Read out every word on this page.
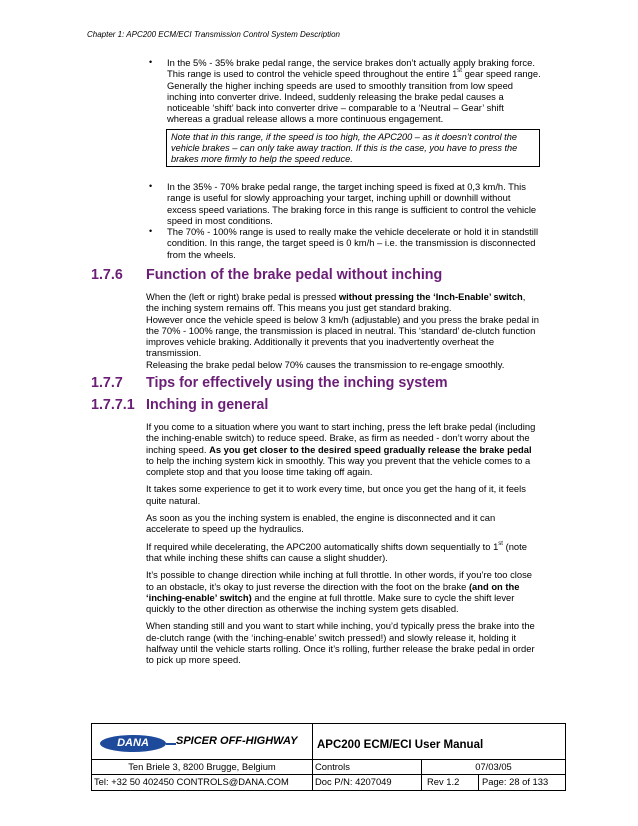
Chapter 1: APC200 ECM/ECI Transmission Control System Description
• In the 5% - 35% brake pedal range, the service brakes don’t actually apply braking force.
This range is used to control the vehicle speed throughout the entire 1st gear speed range.
Generally the higher inching speeds are used to smoothly transition from low speed
inching into converter drive. Indeed, suddenly releasing the brake pedal causes a
noticeable ‘shift’ back into converter drive – comparable to a ‘Neutral – Gear’ shift
whereas a gradual release allows a more continuous engagement.
Note that in this range, if the speed is too high, the APC200 – as it doesn’t control the
vehicle brakes – can only take away traction. If this is the case, you have to press the
brakes more firmly to help the speed reduce.
• In the 35% - 70% brake pedal range, the target inching speed is fixed at 0,3 km/h. This
range is useful for slowly approaching your target, inching uphill or downhill without
excess speed variations. The braking force in this range is sufficient to control the vehicle
speed in most conditions.
• The 70% - 100% range is used to really make the vehicle decelerate or hold it in standstill
condition. In this range, the target speed is 0 km/h – i.e. the transmission is disconnected
from the wheels.
1.7.6 Function of the brake pedal without inching

When the (left or right) brake pedal is pressed without pressing the ‘Inch-Enable’ switch,

the inching system remains off. This means you just get standard braking.

However once the vehicle speed is below 3 km/h (adjustable) and you press the brake pedal in

the 70% - 100% range, the transmission is placed in neutral. This ‘standard’ de-clutch function

improves vehicle braking. Additionally it prevents that you inadvertently overheat the

transmission.

Releasing the brake pedal below 70% causes the transmission to re-engage smoothly.

1.7.7 Tips for effectively using the inching system
1.7.7.1 Inching in general

If you come to a situation where you want to start inching, press the left brake pedal (including

the inching-enable switch) to reduce speed. Brake, as firm as needed - don’t worry about the

inching speed. As you get closer to the desired speed gradually release the brake pedal

to help the inching system kick in smoothly. This way you prevent that the vehicle comes to a

complete stop and that you loose time taking off again.

It takes some experience to get it to work every time, but once you get the hang of it, it feels

quite natural.

As soon as you the inching system is enabled, the engine is disconnected and it can

accelerate to speed up the hydraulics.

If required while decelerating, the APC200 automatically shifts down sequentially to 1st (note

that while inching these shifts can cause a slight shudder).

It’s possible to change direction while inching at full throttle. In other words, if you’re too close

to an obstacle, it’s okay to just reverse the direction with the foot on the brake (and on the

‘inching-enable’ switch) and the engine at full throttle. Make sure to cycle the shift lever

quickly to the other direction as otherwise the inching system gets disabled.

When standing still and you want to start while inching, you’d typically press the brake into the

de-clutch range (with the ‘inching-enable’ switch pressed!) and slowly release it, holding it

halfway until the vehicle starts rolling. Once it’s rolling, further release the brake pedal in order

to pick up more speed.

DANA	SPICER OFF-HIGHWAY	APC200 ECM/ECI User Manual
Ten Briele 3, 8200 Brugge, Belgium	Controls	07/03/05
Tel: +32 50 402450 CONTROLS@DANA.COM	Doc P/N: 4207049	Rev 1.2	Page: 28 of 133
